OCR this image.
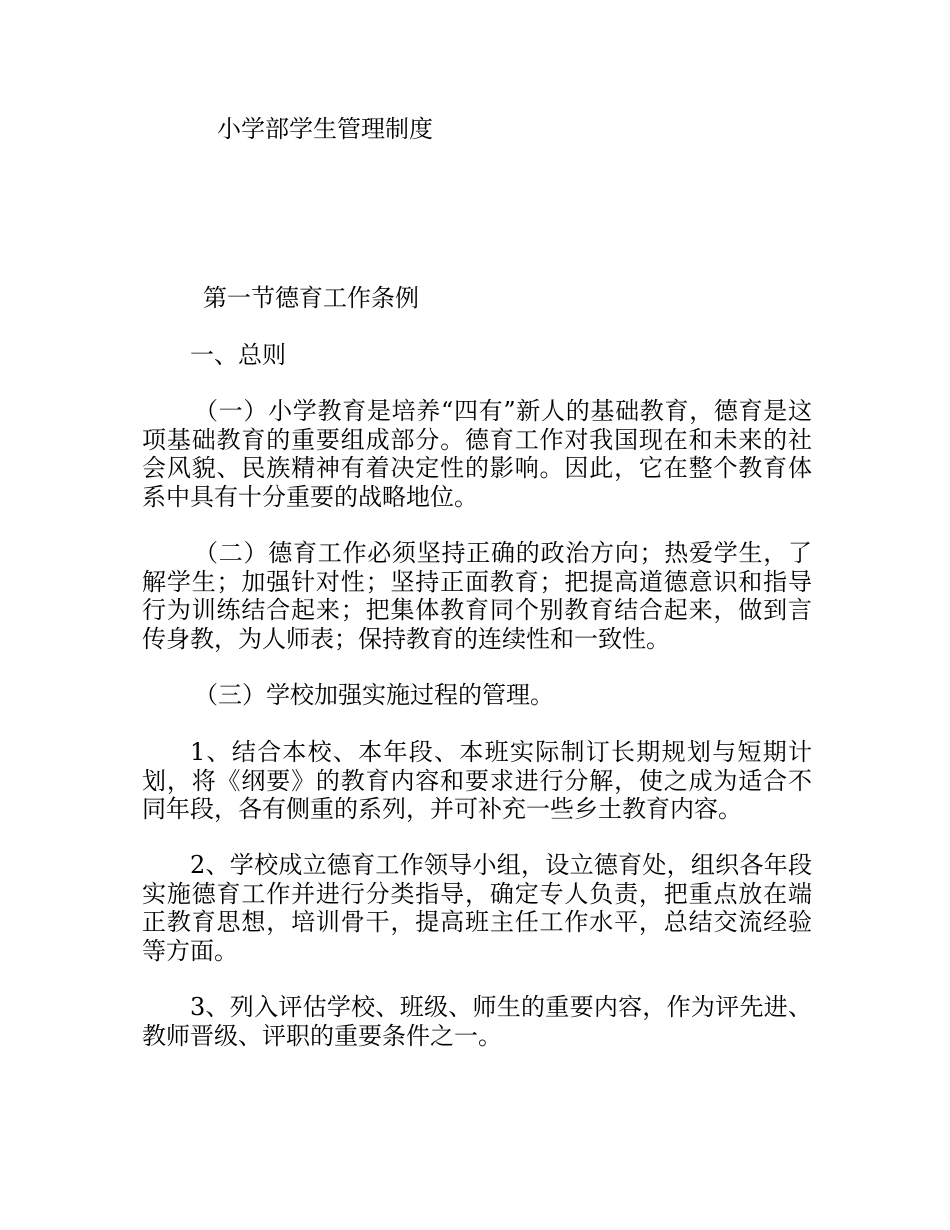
小学部学生管理制度
第一节德育工作条例
一、总则

（一）小学教育是培养“四有”新人的基础教育，德育是这项基础教育的重要组成部分。德育工作对我国现在和未来的社会风貌、民族精神有着决定性的影响。因此，它在整个教育体系中具有十分重要的战略地位。

（二）德育工作必须坚持正确的政治方向；热爱学生，了解学生；加强针对性；坚持正面教育；把提高道德意识和指导行为训练结合起来；把集体教育同个别教育结合起来，做到言传身教，为人师表；保持教育的连续性和一致性。

（三）学校加强实施过程的管理。

1、结合本校、本年段、本班实际制订长期规划与短期计划，将《纲要》的教育内容和要求进行分解，使之成为适合不同年段，各有侧重的系列，并可补充一些乡土教育内容。

2、学校成立德育工作领导小组，设立德育处，组织各年段实施德育工作并进行分类指导，确定专人负责，把重点放在端正教育思想，培训骨干，提高班主任工作水平，总结交流经验等方面。

3、列入评估学校、班级、师生的重要内容，作为评先进、教师晋级、评职的重要条件之一。
